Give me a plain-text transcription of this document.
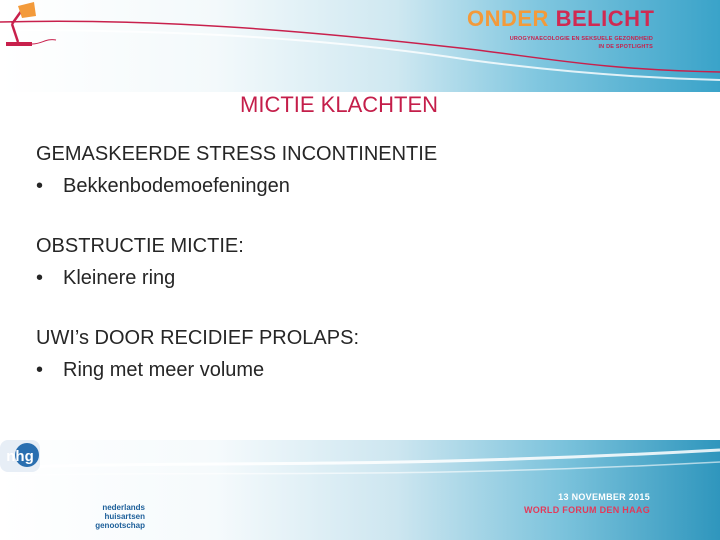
ONDER BELICHT
UROGYNAECOLOGIE EN SEKSUELE GEZONDHEID
IN DE SPOTLIGHTS
MICTIE KLACHTEN
GEMASKEERDE STRESS INCONTINENTIE
• Bekkenbodemoefeningen
OBSTRUCTIE MICTIE:
• Kleinere ring
UWI’s DOOR RECIDIEF PROLAPS:
• Ring met meer volume
nhg
nederlands huisartsen
genootschap
13 NOVEMBER 2015
WORLD FORUM DEN HAAG
